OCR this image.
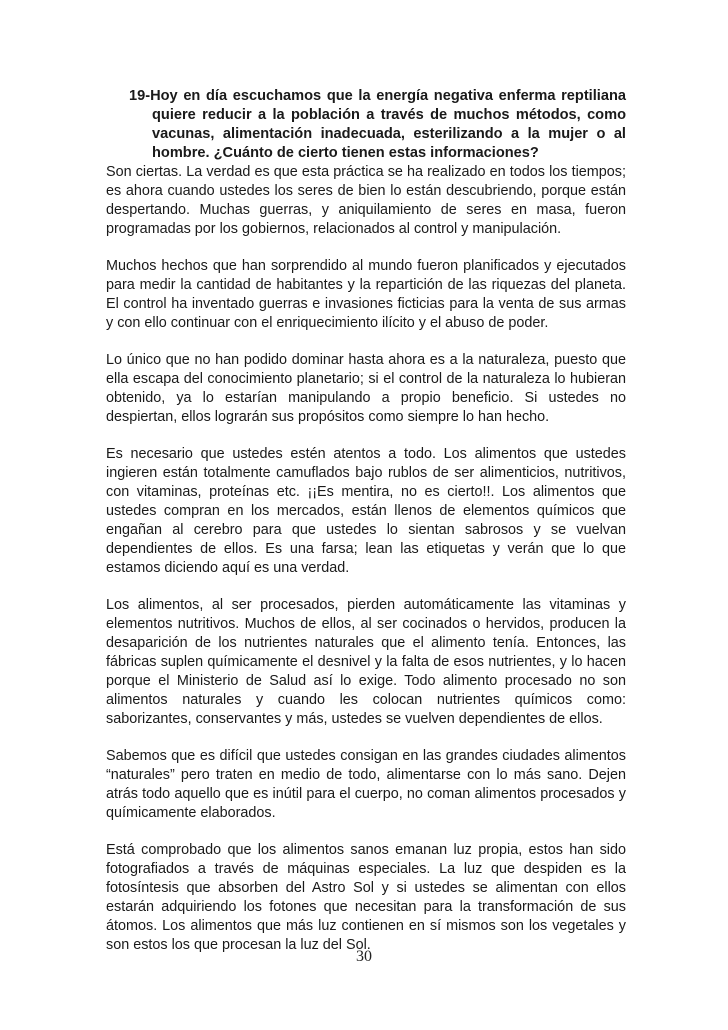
19-Hoy en día escuchamos que la energía negativa enferma reptiliana quiere reducir a la población a través de muchos métodos, como vacunas, alimentación inadecuada, esterilizando a la mujer o al hombre. ¿Cuánto de cierto tienen estas informaciones?

Son ciertas. La verdad es que esta práctica se ha realizado en todos los tiempos; es ahora cuando ustedes los seres de bien lo están descubriendo, porque están despertando. Muchas guerras, y aniquilamiento de seres en masa, fueron programadas por los gobiernos, relacionados al control y manipulación.

Muchos hechos que han sorprendido al mundo fueron planificados y ejecutados para medir la cantidad de habitantes y la repartición de las riquezas del planeta. El control ha inventado guerras e invasiones ficticias para la venta de sus armas y con ello continuar con el enriquecimiento ilícito y el abuso de poder.

Lo único que no han podido dominar hasta ahora es a la naturaleza, puesto que ella escapa del conocimiento planetario; si el control de la naturaleza lo hubieran obtenido, ya lo estarían manipulando a propio beneficio. Si ustedes no despiertan, ellos lograrán sus propósitos como siempre lo han hecho.

Es necesario que ustedes estén atentos a todo. Los alimentos que ustedes ingieren están totalmente camuflados bajo rublos de ser alimenticios, nutritivos, con vitaminas, proteínas etc. ¡¡Es mentira, no es cierto!!. Los alimentos que ustedes compran en los mercados, están llenos de elementos químicos que engañan al cerebro para que ustedes lo sientan sabrosos y se vuelvan dependientes de ellos. Es una farsa; lean las etiquetas y verán que lo que estamos diciendo aquí es una verdad.

Los alimentos, al ser procesados, pierden automáticamente las vitaminas y elementos nutritivos. Muchos de ellos, al ser cocinados o hervidos, producen la desaparición de los nutrientes naturales que el alimento tenía. Entonces, las fábricas suplen químicamente el desnivel y la falta de esos nutrientes, y lo hacen porque el Ministerio de Salud así lo exige. Todo alimento procesado no son alimentos naturales y cuando les colocan nutrientes químicos como: saborizantes, conservantes y más, ustedes se vuelven dependientes de ellos.

Sabemos que es difícil que ustedes consigan en las grandes ciudades alimentos “naturales” pero traten en medio de todo, alimentarse con lo más sano. Dejen atrás todo aquello que es inútil para el cuerpo, no coman alimentos procesados y químicamente elaborados.

Está comprobado que los alimentos sanos emanan luz propia, estos han sido fotografiados a través de máquinas especiales. La luz que despiden es la fotosíntesis que absorben del Astro Sol y si ustedes se alimentan con ellos estarán adquiriendo los fotones que necesitan para la transformación de sus átomos. Los alimentos que más luz contienen en sí mismos son los vegetales y son estos los que procesan la luz del Sol.

30
